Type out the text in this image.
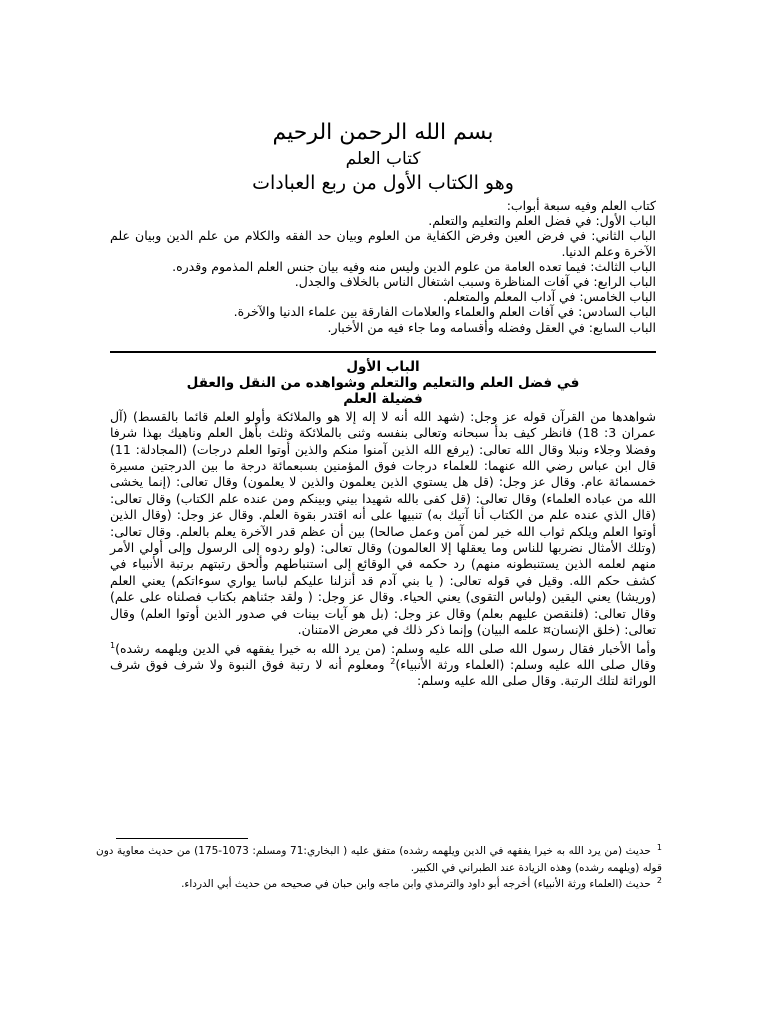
بسم الله الرحمن الرحيم
كتاب العلم
وهو الكتاب الأول من ربع العبادات

كتاب العلم وفيه سبعة أبواب:

الباب الأول: في فضل العلم والتعليم والتعلم.

الباب الثاني: في فرض العين وفرض الكفاية من العلوم وبيان حد الفقه والكلام من علم الدين وبيان علم الآخرة وعلم الدنيا.

الباب الثالث: فيما تعده العامة من علوم الدين وليس منه وفيه بيان جنس العلم المذموم وقدره.

الباب الرابع: في آفات المناظرة وسبب اشتغال الناس بالخلاف والجدل.

الباب الخامس: في آداب المعلم والمتعلم.

الباب السادس: في آفات العلم والعلماء والعلامات الفارقة بين علماء الدنيا والآخرة.

الباب السابع: في العقل وفضله وأقسامه وما جاء فيه من الأخبار.

الباب الأول
في فضل العلم والتعليم والتعلم وشواهده من النقل والعقل
فضيلة العلم

شواهدها من القرآن قوله عز وجل: (شهد الله أنه لا إله إلا هو والملائكة وأولو العلم قائما بالقسط) (آل عمران 3: 18) فانظر كيف بدأ سبحانه وتعالى بنفسه وثنى بالملائكة وثلث بأهل العلم وناهيك بهذا شرفا وفضلا وجلاء ونبلا وقال الله تعالى: (يرفع الله الذين آمنوا منكم والذين أوتوا العلم درجات) (المجادلة: 11) قال ابن عباس رضي الله عنهما: للعلماء درجات فوق المؤمنين بسبعمائة درجة ما بين الدرجتين مسيرة خمسمائة عام. وقال عز وجل: (قل هل يستوي الذين يعلمون والذين لا يعلمون) وقال تعالى: (إنما يخشى الله من عباده العلماء) وقال تعالى: (قل كفى بالله شهيدا بيني وبينكم ومن عنده علم الكتاب) وقال تعالى: (قال الذي عنده علم من الكتاب أنا آتيك به) تنبيها على أنه اقتدر بقوة العلم. وقال عز وجل: (وقال الذين أوتوا العلم ويلكم ثواب الله خير لمن آمن وعمل صالحا) بين أن عظم قدر الآخرة يعلم بالعلم. وقال تعالى: (وتلك الأمثال نضربها للناس وما يعقلها إلا العالمون) وقال تعالى: (ولو ردوه إلى الرسول وإلى أولي الأمر منهم لعلمه الذين يستنبطونه منهم) رد حكمه في الوقائع إلى استنباطهم وألحق رتبتهم برتبة الأنبياء في كشف حكم الله. وقيل في قوله تعالى: ( يا بني آدم قد أنزلنا عليكم لباسا يواري سوءاتكم) يعني العلم (وريشا) يعني اليقين (ولباس التقوى) يعني الحياء. وقال عز وجل: ( ولقد جئناهم بكتاب فصلناه على علم) وقال تعالى: (فلنقصن عليهم بعلم) وقال عز وجل: (بل هو آيات بينات في صدور الذين أوتوا العلم) وقال تعالى: (خلق الإنسان¤ علمه البيان) وإنما ذكر ذلك في معرض الامتنان.

وأما الأخبار فقال رسول الله صلى الله عليه وسلم: (من يرد الله به خيرا يفقهه في الدين ويلهمه رشده)$^1$ وقال صلى الله عليه وسلم: (العلماء ورثة الأنبياء)$^2$ ومعلوم أنه لا رتبة فوق النبوة ولا شرف فوق شرف الوراثة لتلك الرتبة. وقال صلى الله عليه وسلم:

$^1$حديث (من يرد الله به خيرا يفقهه في الدين ويلهمه رشده) متفق عليه ( البخاري:71 ومسلم: 1073-175) من حديث معاوية دون قوله (ويلهمه رشده) وهذه الزيادة عند الطبراني في الكبير.

$^2$حديث (العلماء ورثة الأنبياء) أخرجه أبو داود والترمذي وابن ماجه وابن حبان في صحيحه من حديث أبي الدرداء.
